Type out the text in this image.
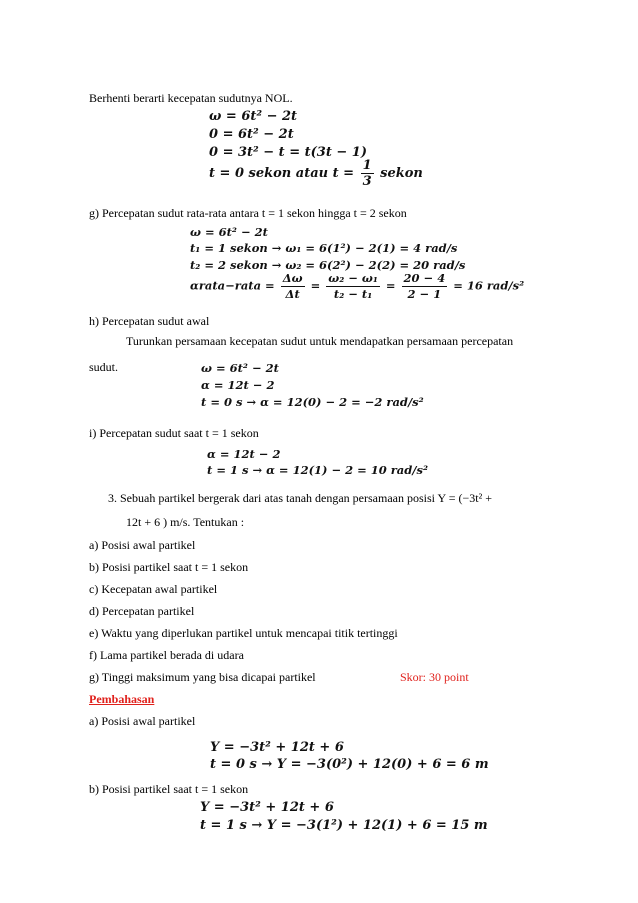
Berhenti berarti kecepatan sudutnya NOL.
ω = 6t² − 2t
0 = 6t² − 2t
0 = 3t² − t = t(3t − 1)
t = 0 sekon atau $t = \frac{1}{3}$ sekon
g) Percepatan sudut rata-rata antara t = 1 sekon hingga t = 2 sekon
ω = 6t² − 2t
t₁ = 1 sekon → ω₁ = 6(1²) − 2(1) = 4 rad/s
t₂ = 2 sekon → ω₂ = 6(2²) − 2(2) = 20 rad/s
αrata−rata = $\frac{\Delta\omega}{\Delta t} = \frac{\text{ω₂ − ω₁}}{\text{t₂ − t₁}} = \frac{20 - 4}{2 - 1} = 16$ rad/s²
h) Percepatan sudut awal
Turunkan persamaan kecepatan sudut untuk mendapatkan persamaan percepatan
sudut.	ω = 6t² − 2t
α = 12t − 2
t = 0 s → α = 12(0) − 2 = −2 rad/s²
i) Percepatan sudut saat t = 1 sekon
α = 12t − 2
t = 1 s → α = 12(1) − 2 = 10 rad/s²
3. Sebuah partikel bergerak dari atas tanah dengan persamaan posisi Y = (−3t² +
12t + 6 ) m/s. Tentukan :
a) Posisi awal partikel
b) Posisi partikel saat t = 1 sekon
c) Kecepatan awal partikel
d) Percepatan partikel
e) Waktu yang diperlukan partikel untuk mencapai titik tertinggi
f) Lama partikel berada di udara
g) Tinggi maksimum yang bisa dicapai partikel	Skor: 30 point
Pembahasan
a) Posisi awal partikel
Y = −3t² + 12t + 6
t = 0 s → Y = −3(0²) + 12(0) + 6 = 6 m
b) Posisi partikel saat t = 1 sekon
Y = −3t² + 12t + 6
t = 1 s → Y = −3(1²) + 12(1) + 6 = 15 m
